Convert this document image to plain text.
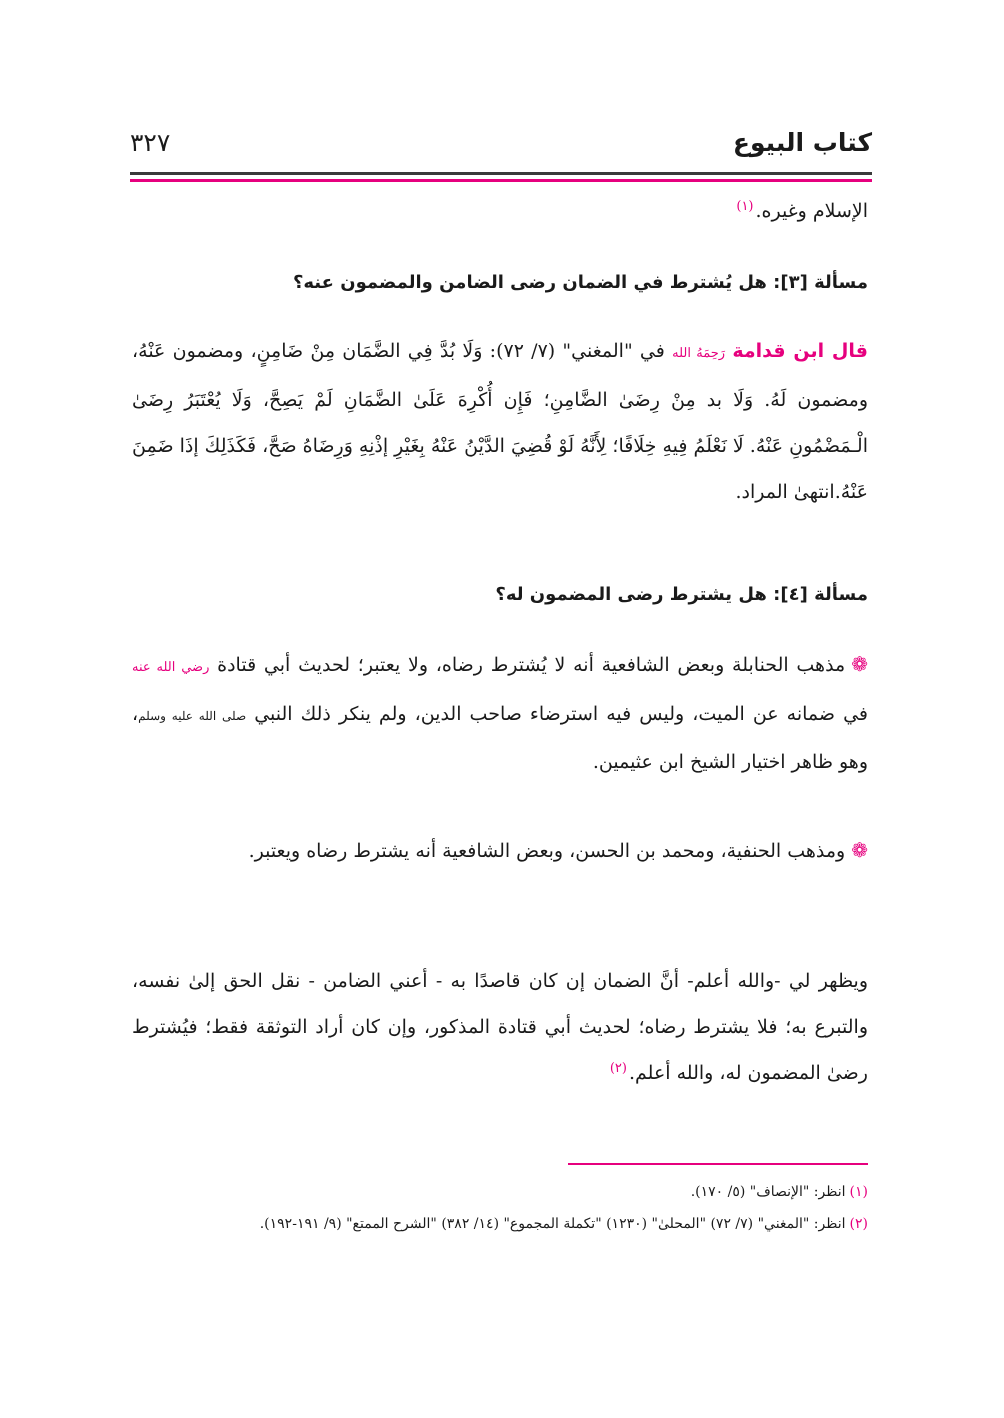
كتاب البيوع
٣٢٧
الإسلام وغيره.$^{(١)}$
مسألة [٣]: هل يُشترط في الضمان رضى الضامن والمضمون عنه؟
قال ابن قدامة رَحِمَهُ الله في "المغني" (٧/ ٧٢): وَلَا بُدَّ فِي الضَّمَان مِنْ ضَامِنٍ، ومضمون عَنْهُ، ومضمون لَهُ. وَلَا بد مِنْ رِضَىٰ الضَّامِنِ؛ فَإِن أُكْرِهَ عَلَىٰ الضَّمَانِ لَمْ يَصِحَّ، وَلَا يُعْتَبَرُ رِضَىٰ الْـمَضْمُونِ عَنْهُ. لَا نَعْلَمُ فِيهِ خِلَافًا؛ لِأَنَّهُ لَوْ قُضِيَ الدَّيْنُ عَنْهُ بِغَيْرِ إذْنِهِ وَرِضَاهُ صَحَّ، فَكَذَلِكَ إذَا ضَمِنَ عَنْهُ.انتهىٰ المراد.
مسألة [٤]: هل يشترط رضى المضمون له؟
❁مذهب الحنابلة وبعض الشافعية أنه لا يُشترط رضاه، ولا يعتبر؛ لحديث أبي قتادة رضي الله عنه في ضمانه عن الميت، وليس فيه استرضاء صاحب الدين، ولم ينكر ذلك النبي صلى الله عليه وسلم، وهو ظاهر اختيار الشيخ ابن عثيمين.
❁ومذهب الحنفية، ومحمد بن الحسن، وبعض الشافعية أنه يشترط رضاه ويعتبر.
ويظهر لي -والله أعلم- أنَّ الضمان إن كان قاصدًا به - أعني الضامن - نقل الحق إلىٰ نفسه، والتبرع به؛ فلا يشترط رضاه؛ لحديث أبي قتادة المذكور، وإن كان أراد التوثقة فقط؛ فيُشترط رضىٰ المضمون له، والله أعلم.$^{(٢)}$
(١)انظر: "الإنصاف" (٥/ ١٧٠).
(٢)انظر: "المغني" (٧/ ٧٢) "المحلىٰ" (١٢٣٠) "تكملة المجموع" (١٤/ ٣٨٢) "الشرح الممتع" (٩/ ١٩١-١٩٢).
